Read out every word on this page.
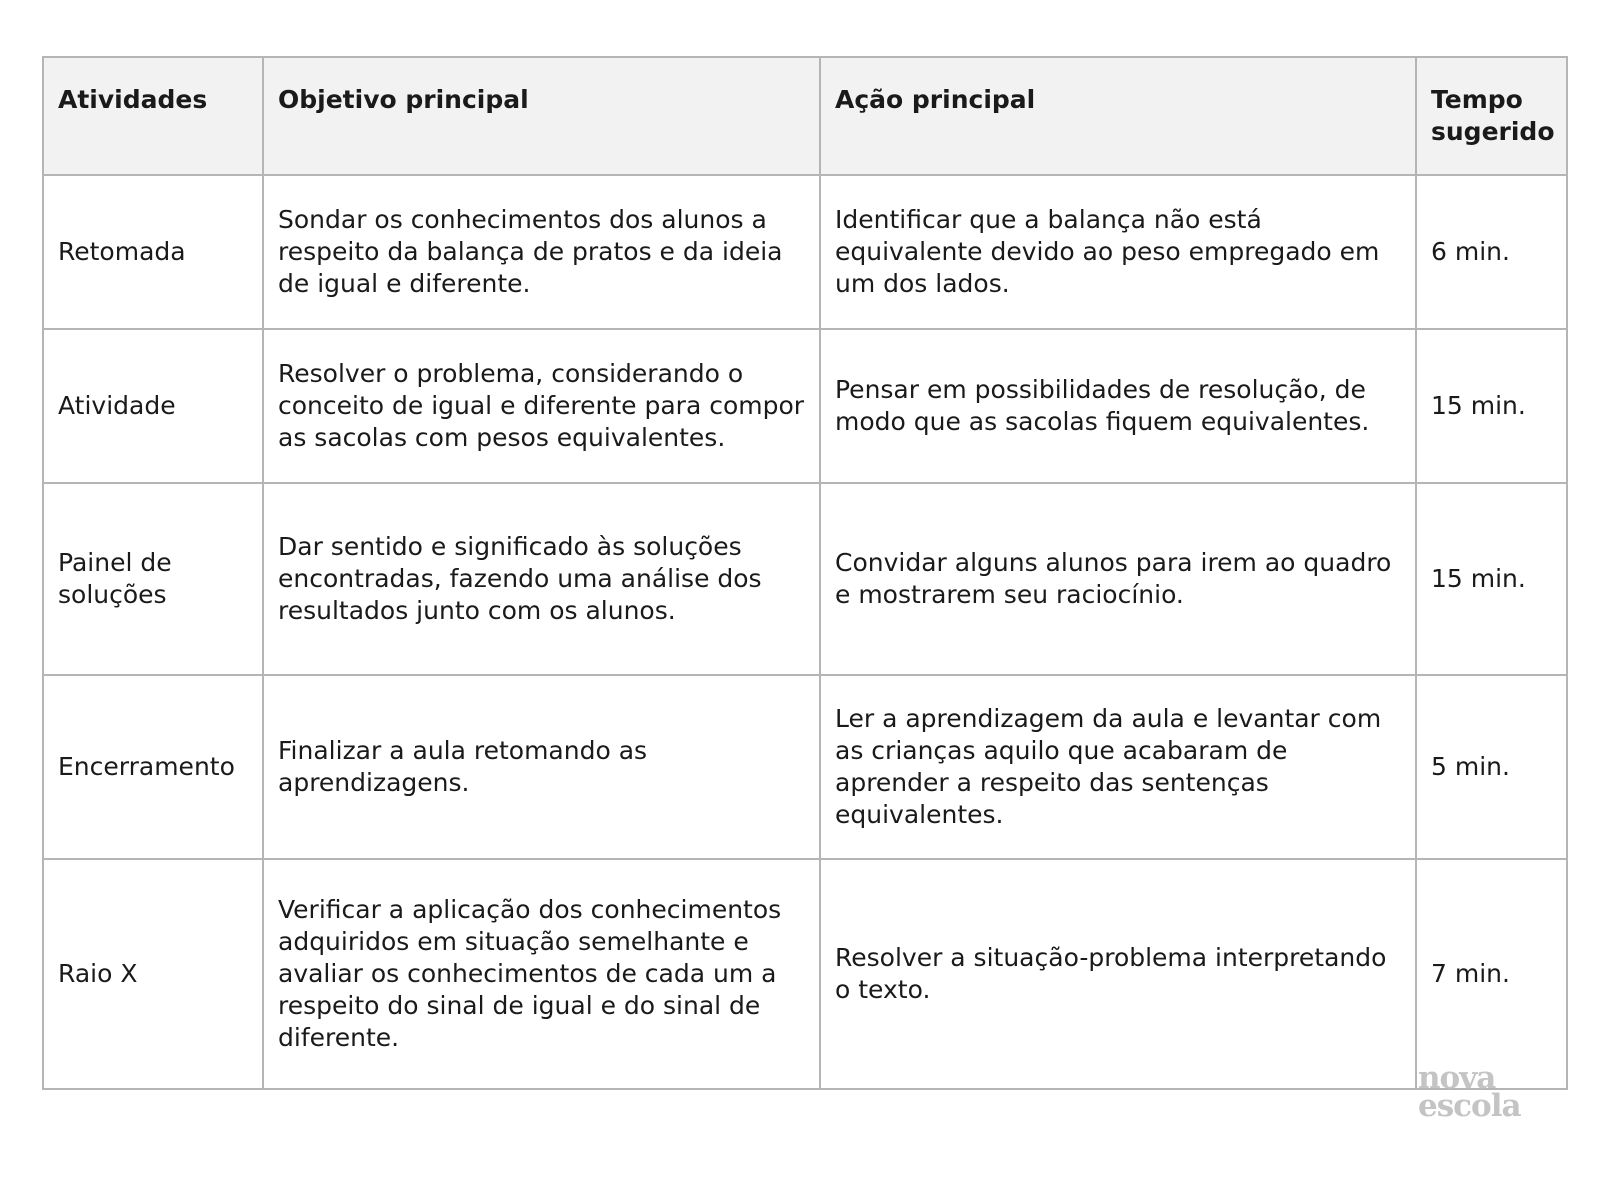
Atividades	Objetivo principal	Ação principal	Tempo sugerido
Retomada	Sondar os conhecimentos dos alunos a respeito da balança de pratos e da ideia de igual e diferente.	Identificar que a balança não está equivalente devido ao peso empregado em um dos lados.	6 min.
Atividade	Resolver o problema, considerando o conceito de igual e diferente para compor as sacolas com pesos equivalentes.	Pensar em possibilidades de resolução, de modo que as sacolas fiquem equivalentes.	15 min.
Painel de soluções	Dar sentido e significado às soluções encontradas, fazendo uma análise dos resultados junto com os alunos.	Convidar alguns alunos para irem ao quadro e mostrarem seu raciocínio.	15 min.
Encerramento	Finalizar a aula retomando as aprendizagens.	Ler a aprendizagem da aula e levantar com as crianças aquilo que acabaram de aprender a respeito das sentenças equivalentes.	5 min.
Raio X	Verificar a aplicação dos conhecimentos adquiridos em situação semelhante e avaliar os conhecimentos de cada um a respeito do sinal de igual e do sinal de diferente.	Resolver a situação-problema interpretando o texto.	7 min.
nova
escola
